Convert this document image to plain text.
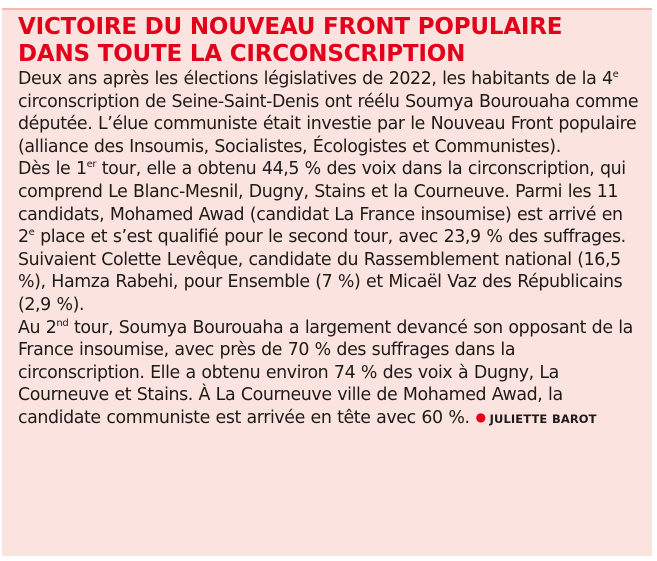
VICTOIRE DU NOUVEAU FRONT POPULAIRE DANS TOUTE LA CIRCONSCRIPTION

Deux ans après les élections législatives de 2022, les habitants de la 4e circonscription de Seine-Saint-Denis ont réélu Soumya Bourouaha comme députée. L’élue communiste était investie par le Nouveau Front populaire (alliance des Insoumis, Socialistes, Écologistes et Communistes).

Dès le 1er tour, elle a obtenu 44,5 % des voix dans la circonscription, qui comprend Le Blanc-Mesnil, Dugny, Stains et la Courneuve. Parmi les 11 candidats, Mohamed Awad (candidat La France insoumise) est arrivé en 2e place et s’est qualifié pour le second tour, avec 23,9 % des suffrages. Suivaient Colette Levêque, candidate du Rassemblement national (16,5 %), Hamza Rabehi, pour Ensemble (7 %) et Micaël Vaz des Républicains (2,9 %).

Au 2nd tour, Soumya Bourouaha a largement devancé son opposant de la France insoumise, avec près de 70 % des suffrages dans la circonscription. Elle a obtenu environ 74 % des voix à Dugny, La Courneuve et Stains. À La Courneuve ville de Mohamed Awad, la candidate communiste est arrivée en tête avec 60 %. ● JULIETTE BAROT
